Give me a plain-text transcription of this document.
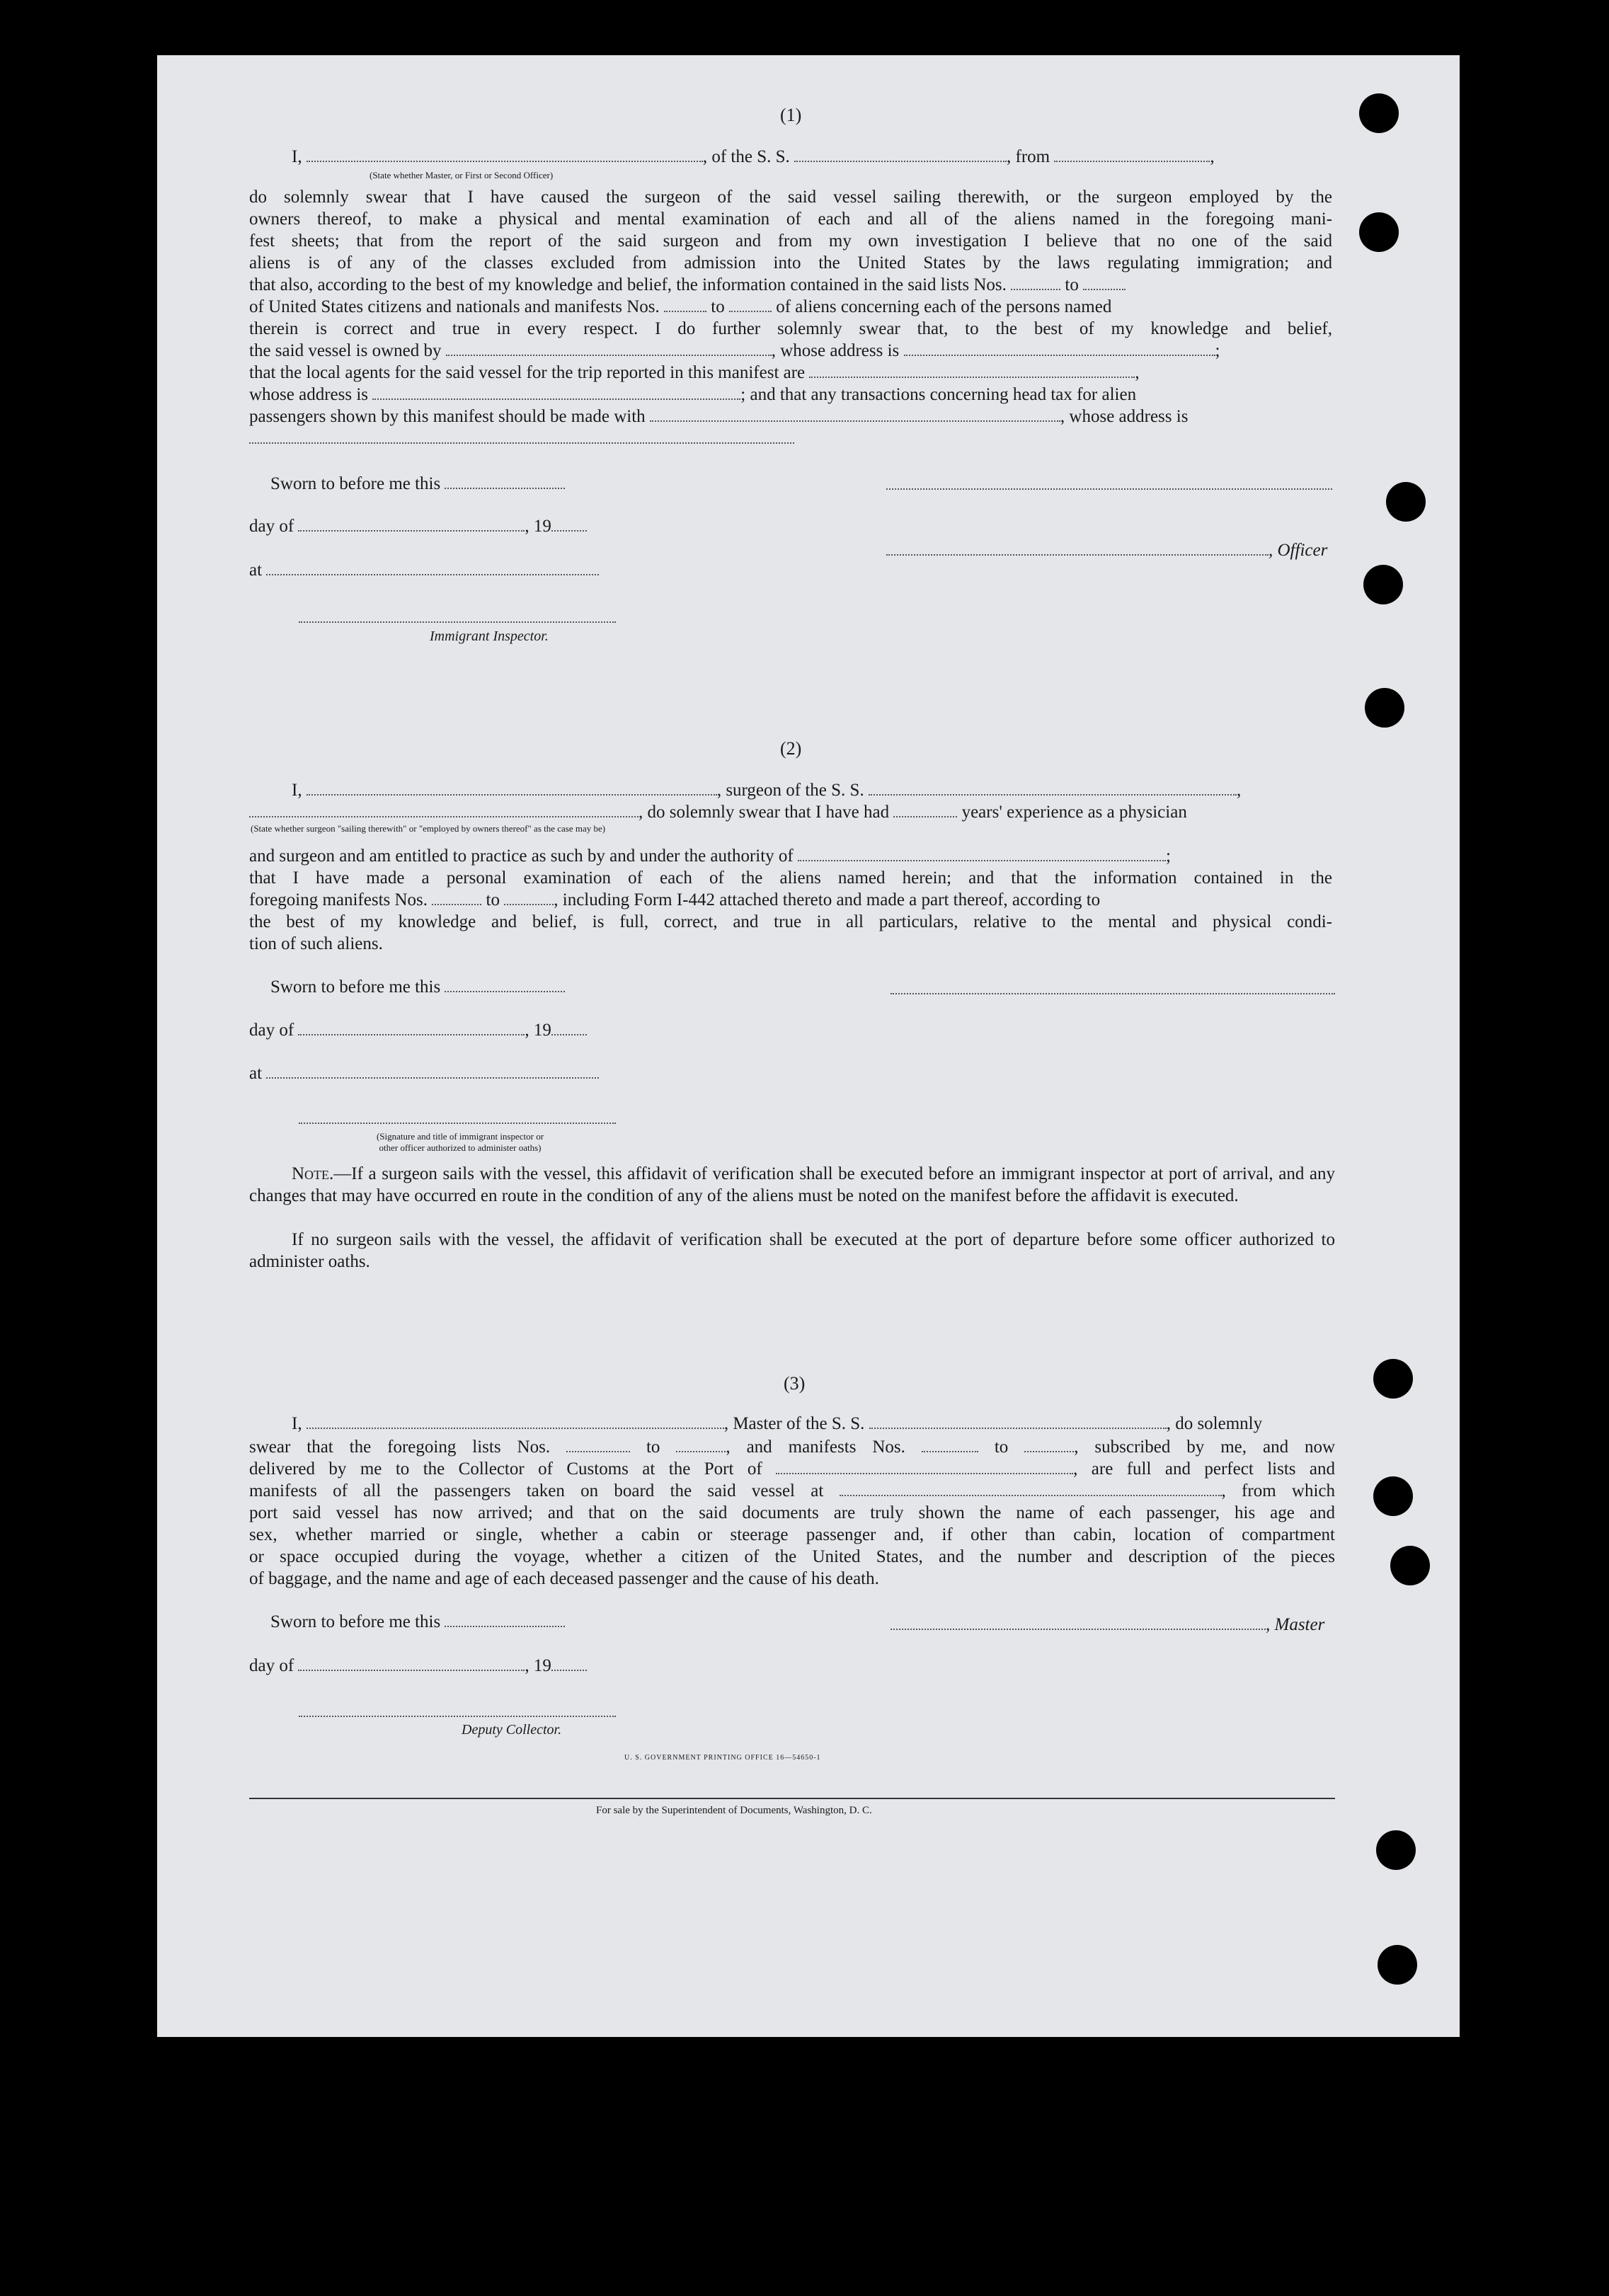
(1)
I,	, of the S. S.	, from	,
(State whether Master, or First or Second Officer)
do solemnly swear that I have caused the surgeon of the said vessel sailing therewith, or the surgeon employed by the
owners thereof, to make a physical and mental examination of each and all of the aliens named in the foregoing mani-
fest sheets; that from the report of the said surgeon and from my own investigation I believe that no one of the said
aliens is of any of the classes excluded from admission into the United States by the laws regulating immigration; and

that also, according to the best of my knowledge and belief, the information contained in the said lists Nos.	to
of United States citizens and nationals and manifests Nos.	to	of aliens concerning each of the persons named
therein is correct and true in every respect. I do further solemnly swear that, to the best of my knowledge and belief,

the said vessel is owned by	, whose address is	;
that the local agents for the said vessel for the trip reported in this manifest are	,
whose address is	; and that any transactions concerning head tax for alien
passengers shown by this manifest should be made with	, whose address is
Sworn to before me this
day of	, 19
, Officer
at
Immigrant Inspector.
(2)
I,	, surgeon of the S. S.	,
, do solemnly swear that I have had	years' experience as a physician
(State whether surgeon "sailing therewith" or "employed by owners thereof" as the case may be)
and surgeon and am entitled to practice as such by and under the authority of	;
that I have made a personal examination of each of the aliens named herein; and that the information contained in the

foregoing manifests Nos.	to	, including Form I-442 attached thereto and made a part thereof, according to
the best of my knowledge and belief, is full, correct, and true in all particulars, relative to the mental and physical condi-

tion of such aliens.
Sworn to before me this
day of	, 19
at
(Signature and title of immigrant inspector or
other officer authorized to administer oaths)
Note.—If a surgeon sails with the vessel, this affidavit of verification shall be executed before an immigrant inspector at port of arrival, and any changes that may have occurred en route in the condition of any of the aliens must be noted on the manifest before the affidavit is executed.
If no surgeon sails with the vessel, the affidavit of verification shall be executed at the port of departure before some officer authorized to administer oaths.
(3)
I,	, Master of the S. S.	, do solemnly
swear that the foregoing lists Nos.	to	, and manifests Nos.	to	, subscribed by me, and now
delivered by me to the Collector of Customs at the Port of	, are full and perfect lists and
manifests of all the passengers taken on board the said vessel at	, from which
port said vessel has now arrived; and that on the said documents are truly shown the name of each passenger, his age and
sex, whether married or single, whether a cabin or steerage passenger and, if other than cabin, location of compartment
or space occupied during the voyage, whether a citizen of the United States, and the number and description of the pieces

of baggage, and the name and age of each deceased passenger and the cause of his death.
Sworn to before me this	, Master
day of	, 19
Deputy Collector.
U. S. GOVERNMENT PRINTING OFFICE 16—54650-1
For sale by the Superintendent of Documents, Washington, D. C.
